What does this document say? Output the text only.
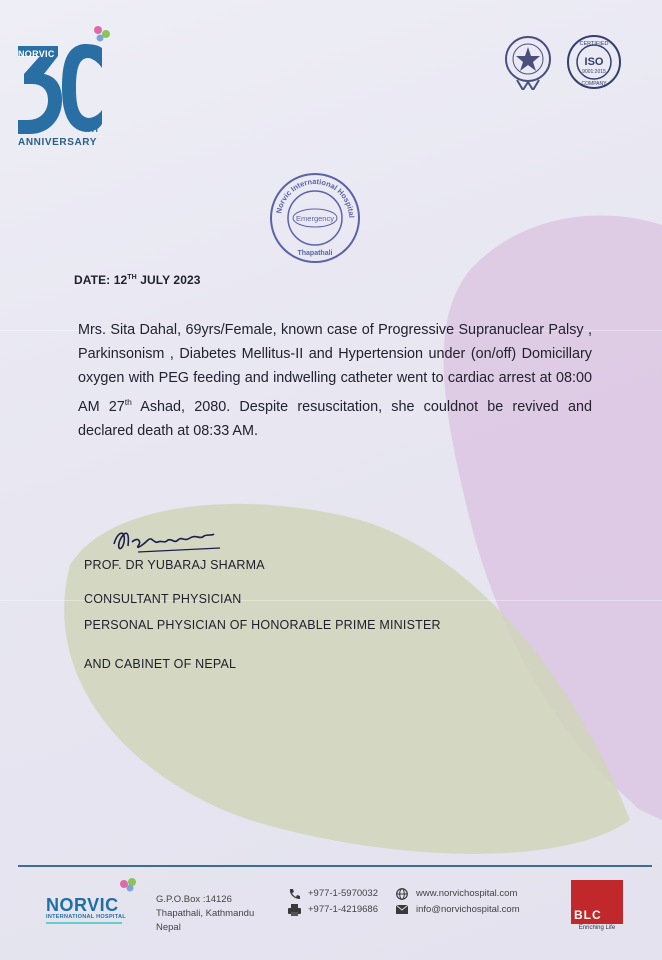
NORVIC
TH
ANNIVERSARY
CERTIFIED
ISO
9001:2015
COMPANY
Norvic International Hospital
Emergency
Thapathali
DATE: 12TH JULY 2023
Mrs. Sita Dahal, 69yrs/Female, known case of Progressive Supranuclear Palsy , Parkinsonism , Diabetes Mellitus-II and Hypertension under (on/off) Domicillary oxygen with PEG feeding and indwelling catheter went to cardiac arrest at 08:00 AM 27th Ashad, 2080. Despite resuscitation, she couldnot be revived and declared death at 08:33 AM.
PROF. DR YUBARAJ SHARMA
CONSULTANT PHYSICIAN
PERSONAL PHYSICIAN OF HONORABLE PRIME MINISTER
AND CABINET OF NEPAL
NORVIC
INTERNATIONAL HOSPITAL
G.P.O.Box :14126
Thapathali, Kathmandu
Nepal
+977-1-5970032
+977-1-4219686
www.norvichospital.com
info@norvichospital.com	BLC
Enriching Life
